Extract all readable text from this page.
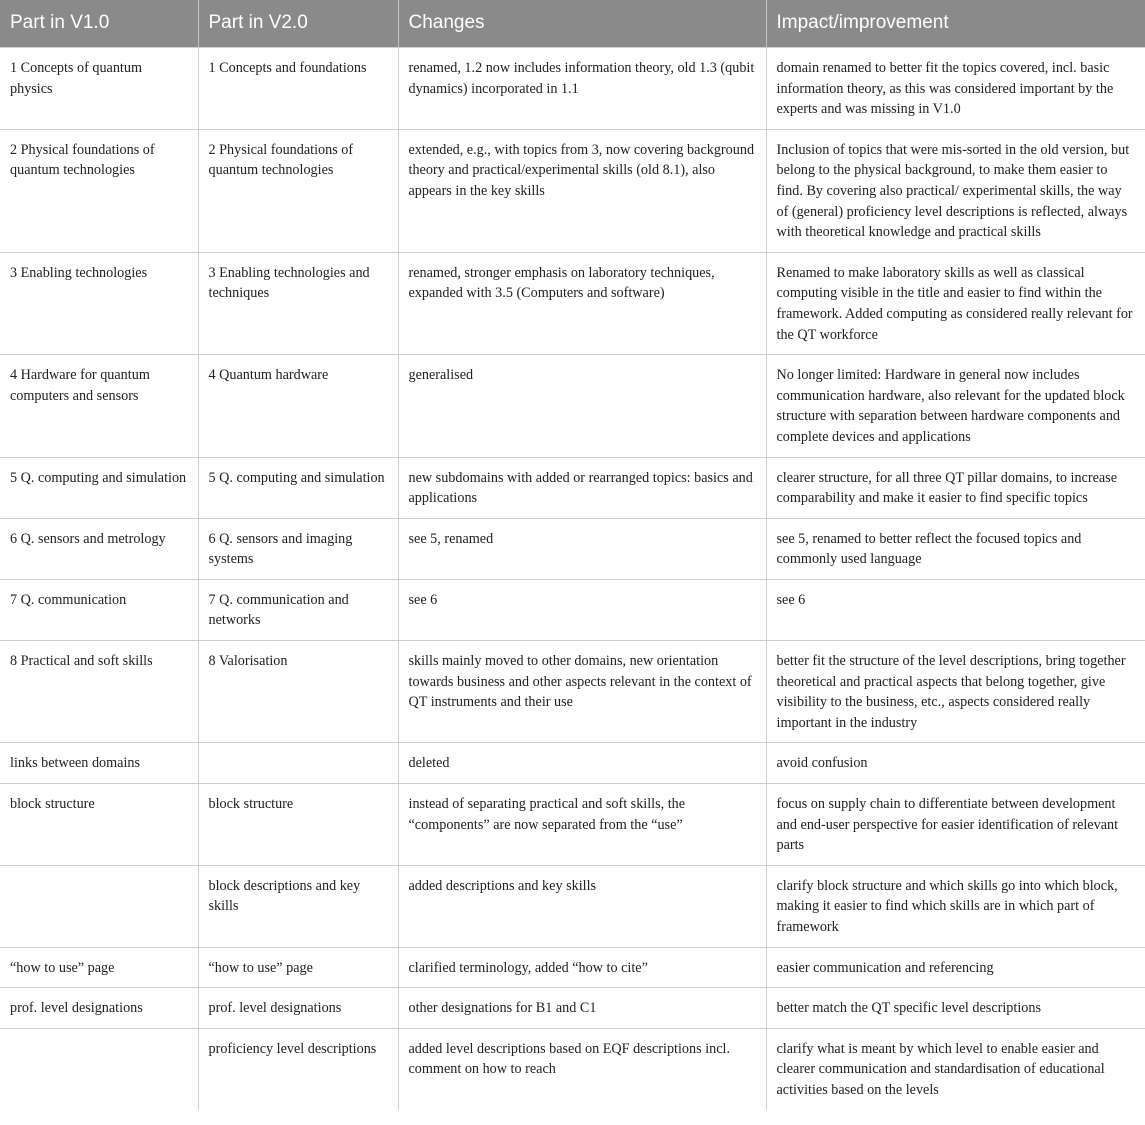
Part in V1.0	Part in V2.0	Changes	Impact/improvement
1 Concepts of quantum physics	1 Concepts and foundations	renamed, 1.2 now includes information theory, old 1.3 (qubit dynamics) incorporated in 1.1	domain renamed to better fit the topics covered, incl. basic information theory, as this was considered important by the experts and was missing in V1.0
2 Physical foundations of quantum technologies	2 Physical foundations of quantum technologies	extended, e.g., with topics from 3, now covering background theory and practical/experimental skills (old 8.1), also appears in the key skills	Inclusion of topics that were mis-sorted in the old version, but belong to the physical background, to make them easier to find. By covering also practical/ experimental skills, the way of (general) proficiency level descriptions is reflected, always with theoretical knowledge and practical skills
3 Enabling technologies	3 Enabling technologies and techniques	renamed, stronger emphasis on laboratory techniques, expanded with 3.5 (Computers and software)	Renamed to make laboratory skills as well as classical computing visible in the title and easier to find within the framework. Added computing as considered really relevant for the QT workforce
4 Hardware for quantum computers and sensors	4 Quantum hardware	generalised	No longer limited: Hardware in general now includes communication hardware, also relevant for the updated block structure with separation between hardware components and complete devices and applications
5 Q. computing and simulation	5 Q. computing and simulation	new subdomains with added or rearranged topics: basics and applications	clearer structure, for all three QT pillar domains, to increase comparability and make it easier to find specific topics
6 Q. sensors and metrology	6 Q. sensors and imaging systems	see 5, renamed	see 5, renamed to better reflect the focused topics and commonly used language
7 Q. communication	7 Q. communication and networks	see 6	see 6
8 Practical and soft skills	8 Valorisation	skills mainly moved to other domains, new orientation towards business and other aspects relevant in the context of QT instruments and their use	better fit the structure of the level descriptions, bring together theoretical and practical aspects that belong together, give visibility to the business, etc., aspects considered really important in the industry
links between domains		deleted	avoid confusion
block structure	block structure	instead of separating practical and soft skills, the “components” are now separated from the “use”	focus on supply chain to differentiate between development and end-user perspective for easier identification of relevant parts
	block descriptions and key skills	added descriptions and key skills	clarify block structure and which skills go into which block, making it easier to find which skills are in which part of framework
“how to use” page	“how to use” page	clarified terminology, added “how to cite”	easier communication and referencing
prof. level designations	prof. level designations	other designations for B1 and C1	better match the QT specific level descriptions
	proficiency level descriptions	added level descriptions based on EQF descriptions incl. comment on how to reach	clarify what is meant by which level to enable easier and clearer communication and standardisation of educational activities based on the levels
